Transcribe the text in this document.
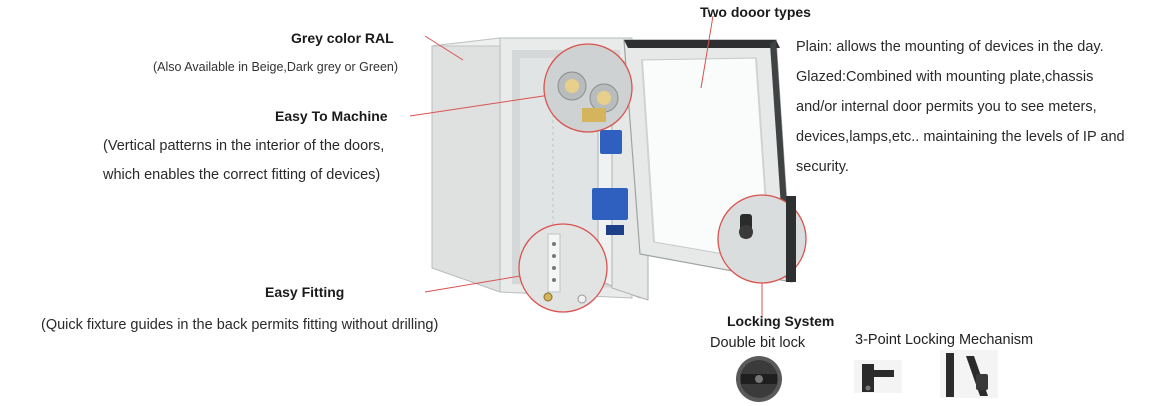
Grey color RAL
(Also Available in Beige,Dark grey or Green)
Easy To Machine
(Vertical patterns in the interior of the doors,
which enables the correct fitting of devices)
Easy Fitting
(Quick fixture guides in the back permits fitting without drilling)
Two dooor types
Plain: allows the mounting of devices in the day.
Glazed:Combined with mounting plate,chassis
and/or internal door permits you to see meters,
devices,lamps,etc.. maintaining the levels of IP and
security.
Locking System
Double bit lock	3-Point Locking Mechanism
